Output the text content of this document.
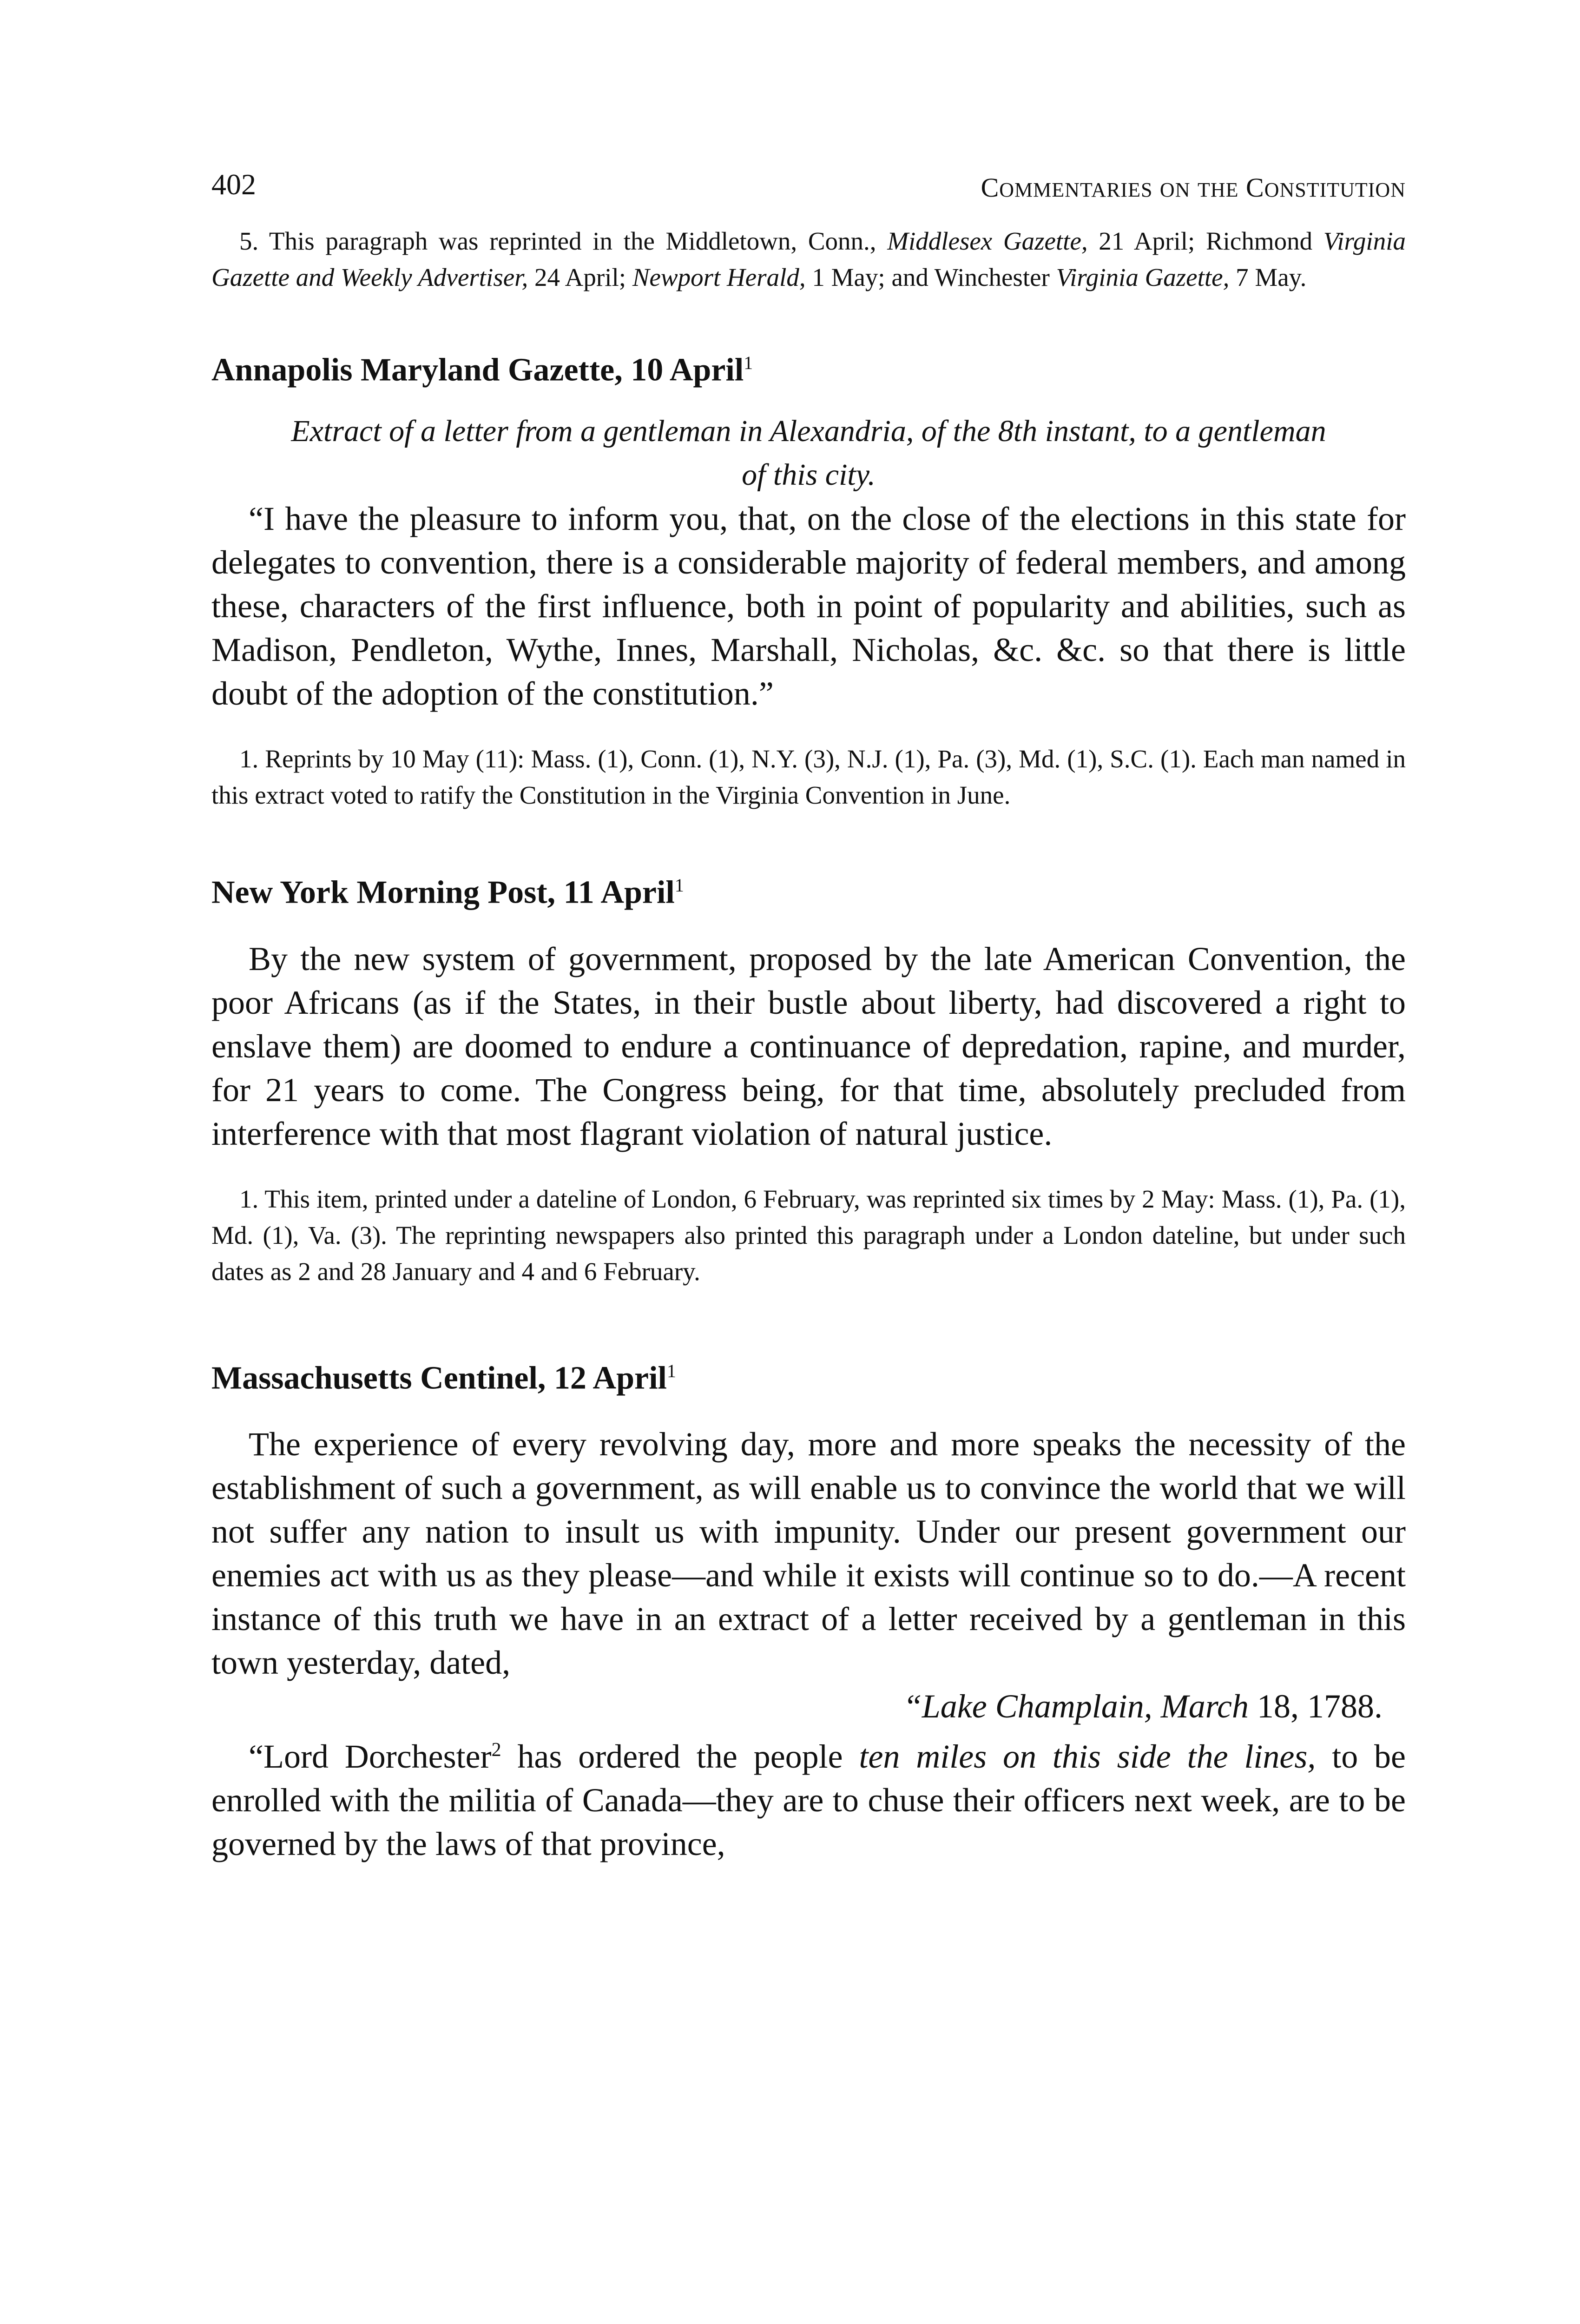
402	COMMENTARIES ON THE CONSTITUTION

5. This paragraph was reprinted in the Middletown, Conn., Middlesex Gazette, 21 April; Richmond Virginia Gazette and Weekly Advertiser, 24 April; Newport Herald, 1 May; and Winchester Virginia Gazette, 7 May.

Annapolis Maryland Gazette, 10 April$^1$

Extract of a letter from a gentleman in Alexandria, of the 8th instant, to a gentleman of this city.

“I have the pleasure to inform you, that, on the close of the elections in this state for delegates to convention, there is a considerable majority of federal members, and among these, characters of the first influence, both in point of popularity and abilities, such as Madison, Pendleton, Wythe, Innes, Marshall, Nicholas, &c. &c. so that there is little doubt of the adoption of the constitution.”

1. Reprints by 10 May (11): Mass. (1), Conn. (1), N.Y. (3), N.J. (1), Pa. (3), Md. (1), S.C. (1). Each man named in this extract voted to ratify the Constitution in the Virginia Convention in June.

New York Morning Post, 11 April$^1$

By the new system of government, proposed by the late American Convention, the poor Africans (as if the States, in their bustle about liberty, had discovered a right to enslave them) are doomed to endure a continuance of depredation, rapine, and murder, for 21 years to come. The Congress being, for that time, absolutely precluded from interference with that most flagrant violation of natural justice.

1. This item, printed under a dateline of London, 6 February, was reprinted six times by 2 May: Mass. (1), Pa. (1), Md. (1), Va. (3). The reprinting newspapers also printed this paragraph under a London dateline, but under such dates as 2 and 28 January and 4 and 6 February.

Massachusetts Centinel, 12 April$^1$

The experience of every revolving day, more and more speaks the necessity of the establishment of such a government, as will enable us to convince the world that we will not suffer any nation to insult us with impunity. Under our present government our enemies act with us as they please—and while it exists will continue so to do.—A recent instance of this truth we have in an extract of a letter received by a gentleman in this town yesterday, dated,

“Lake Champlain, March 18, 1788.

“Lord Dorchester$^2$ has ordered the people ten miles on this side the lines, to be enrolled with the militia of Canada—they are to chuse their officers next week, are to be governed by the laws of that province,
